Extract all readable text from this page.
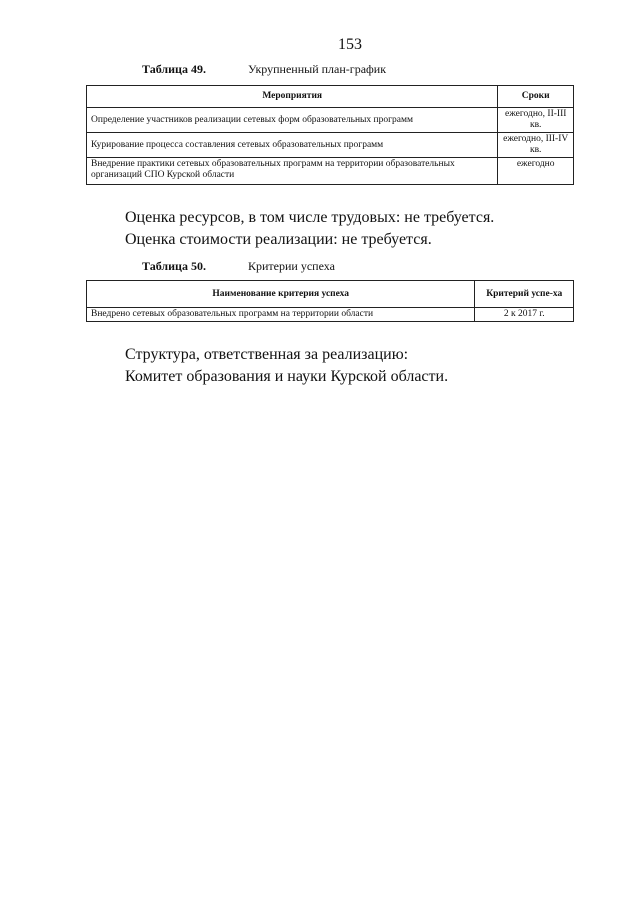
153
Таблица 49.	Укрупненный план-график
Мероприятия	Сроки
Определение участников реализации сетевых форм образовательных программ	ежегодно, II-III кв.
Курирование процесса составления сетевых образовательных программ	ежегодно, III-IV кв.
Внедрение практики сетевых образовательных программ на территории образовательных организаций СПО Курской области	ежегодно
Оценка ресурсов, в том числе трудовых: не требуется.
Оценка стоимости реализации: не требуется.
Таблица 50.	Критерии успеха
Наименование критерия успеха	Критерий успе-ха
Внедрено сетевых образовательных программ на территории области	2 к 2017 г.
Структура, ответственная за реализацию:
Комитет образования и науки Курской области.
